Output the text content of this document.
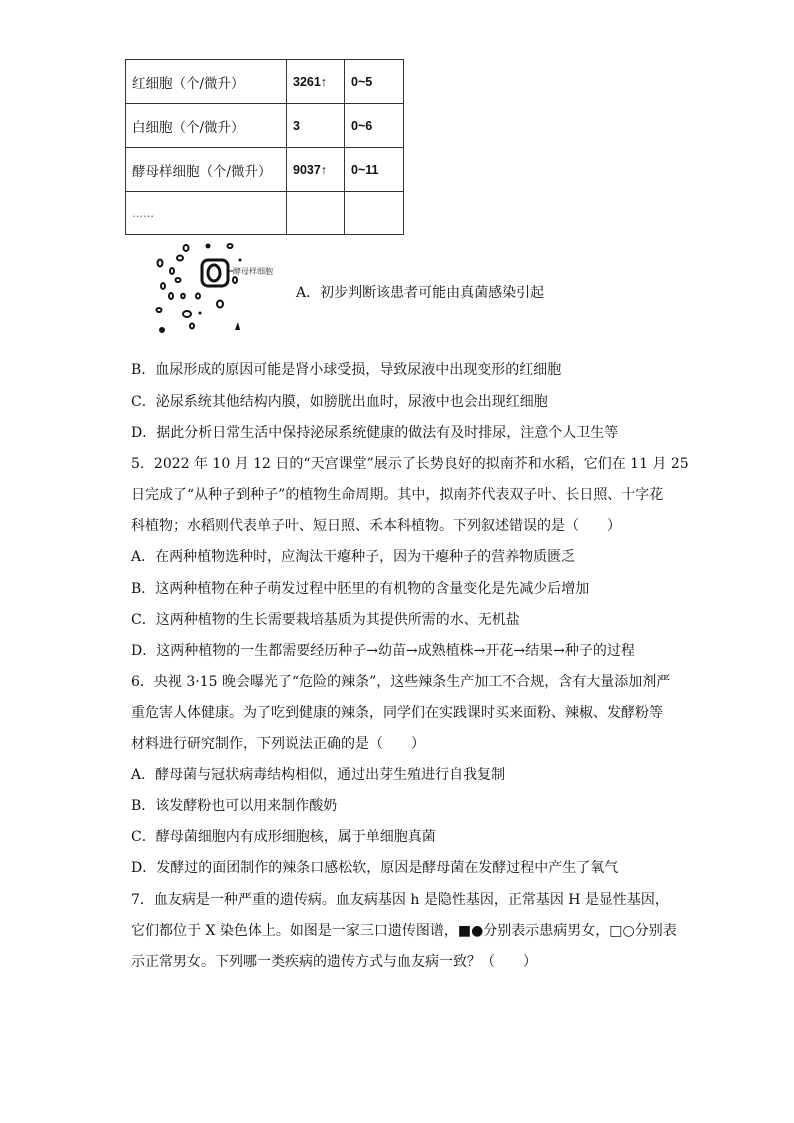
红细胞（个/微升）	3261↑	0~5
白细胞（个/微升）	3	0~6
酵母样细胞（个/微升）	9037↑	0~11
……		
酵母样细胞
A．初步判断该患者可能由真菌感染引起
B．血尿形成的原因可能是肾小球受损，导致尿液中出现变形的红细胞
C．泌尿系统其他结构内膜，如膀胱出血时，尿液中也会出现红细胞
D．据此分析日常生活中保持泌尿系统健康的做法有及时排尿，注意个人卫生等
5．2022 年 10 月 12 日的“天宫课堂”展示了长势良好的拟南芥和水稻，它们在 11 月 25
日完成了“从种子到种子”的植物生命周期。其中，拟南芥代表双子叶、长日照、十字花
科植物；水稻则代表单子叶、短日照、禾本科植物。下列叙述错误的是（　　）
A．在两种植物选种时，应淘汰干瘪种子，因为干瘪种子的营养物质匮乏
B．这两种植物在种子萌发过程中胚里的有机物的含量变化是先减少后增加
C．这两种植物的生长需要栽培基质为其提供所需的水、无机盐
D．这两种植物的一生都需要经历种子→幼苗→成熟植株→开花→结果→种子的过程
6．央视 3·15 晚会曝光了“危险的辣条”，这些辣条生产加工不合规，含有大量添加剂严
重危害人体健康。为了吃到健康的辣条，同学们在实践课时买来面粉、辣椒、发酵粉等
材料进行研究制作，下列说法正确的是（　　）
A．酵母菌与冠状病毒结构相似，通过出芽生殖进行自我复制
B．该发酵粉也可以用来制作酸奶
C．酵母菌细胞内有成形细胞核，属于单细胞真菌
D．发酵过的面团制作的辣条口感松软，原因是酵母菌在发酵过程中产生了氧气
7．血友病是一种严重的遗传病。血友病基因 h 是隐性基因，正常基因 H 是显性基因，
它们都位于 X 染色体上。如图是一家三口遗传图谱，■●分别表示患病男女，□○分别表
示正常男女。下列哪一类疾病的遗传方式与血友病一致？（　　）
